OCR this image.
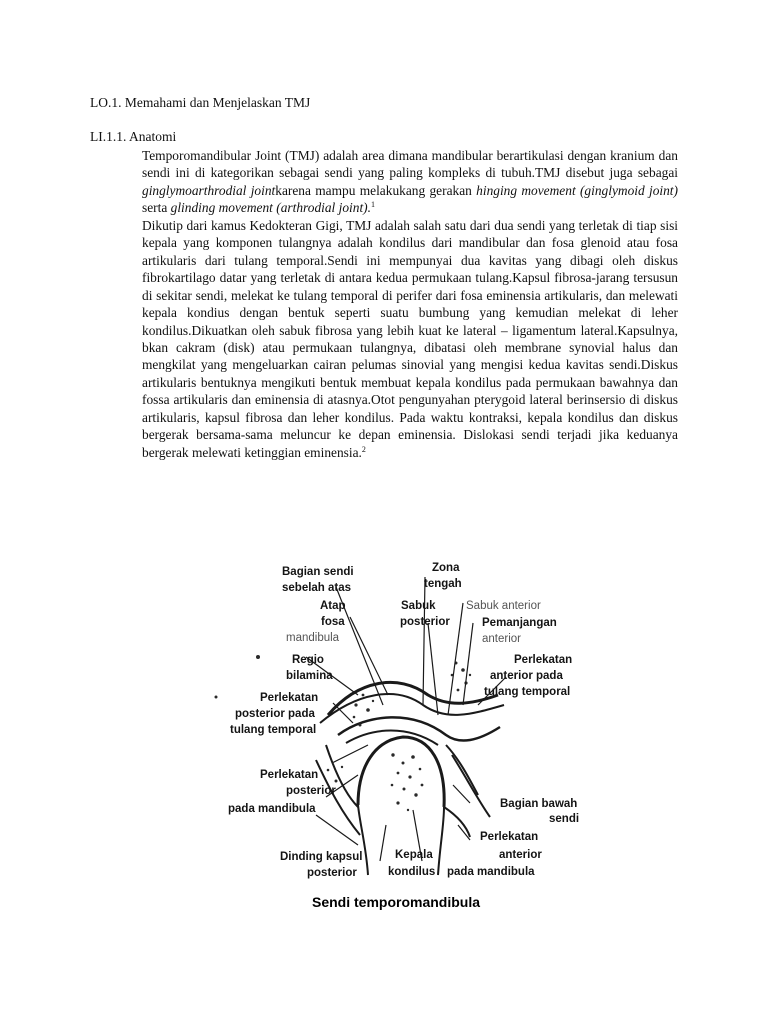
LO.1. Memahami dan Menjelaskan TMJ
LI.1.1. Anatomi

Temporomandibular Joint (TMJ) adalah area dimana mandibular berartikulasi dengan kranium dan sendi ini di kategorikan sebagai sendi yang paling kompleks di tubuh.TMJ disebut juga sebagai ginglymoarthrodial jointkarena mampu melakukang gerakan hinging movement (ginglymoid joint) serta glinding movement (arthrodial joint).$^1$

Dikutip dari kamus Kedokteran Gigi, TMJ adalah salah satu dari dua sendi yang terletak di tiap sisi kepala yang komponen tulangnya adalah kondilus dari mandibular dan fosa glenoid atau fosa artikularis dari tulang temporal.Sendi ini mempunyai dua kavitas yang dibagi oleh diskus fibrokartilago datar yang terletak di antara kedua permukaan tulang.Kapsul fibrosa-jarang tersusun di sekitar sendi, melekat ke tulang temporal di perifer dari fosa eminensia artikularis, dan melewati kepala kondius dengan bentuk seperti suatu bumbung yang kemudian melekat di leher kondilus.Dikuatkan oleh sabuk fibrosa yang lebih kuat ke lateral – ligamentum lateral.Kapsulnya, bkan cakram (disk) atau permukaan tulangnya, dibatasi oleh membrane synovial halus dan mengkilat yang mengeluarkan cairan pelumas sinovial yang mengisi kedua kavitas sendi.Diskus artikularis bentuknya mengikuti bentuk membuat kepala kondilus pada permukaan bawahnya dan fossa artikularis dan eminensia di atasnya.Otot pengunyahan pterygoid lateral berinsersio di diskus artikularis, kapsul fibrosa dan leher kondilus. Pada waktu kontraksi, kepala kondilus dan diskus bergerak bersama-sama meluncur ke depan eminensia. Dislokasi sendi terjadi jika keduanya bergerak melewati ketinggian eminensia.$^2$

Bagian sendi
sebelah atas
Atap
fosa
mandibula
Regio
bilamina
Perlekatan
posterior pada
tulang temporal
Perlekatan
posterior
pada mandibula
Dinding kapsul
posterior
Kepala
kondilus
Zona
tengah
Sabuk
posterior
Sabuk anterior
Pemanjangan
anterior
Perlekatan
anterior pada
tulang temporal
Bagian bawah
sendi
Perlekatan
anterior
pada mandibula
Sendi temporomandibula
